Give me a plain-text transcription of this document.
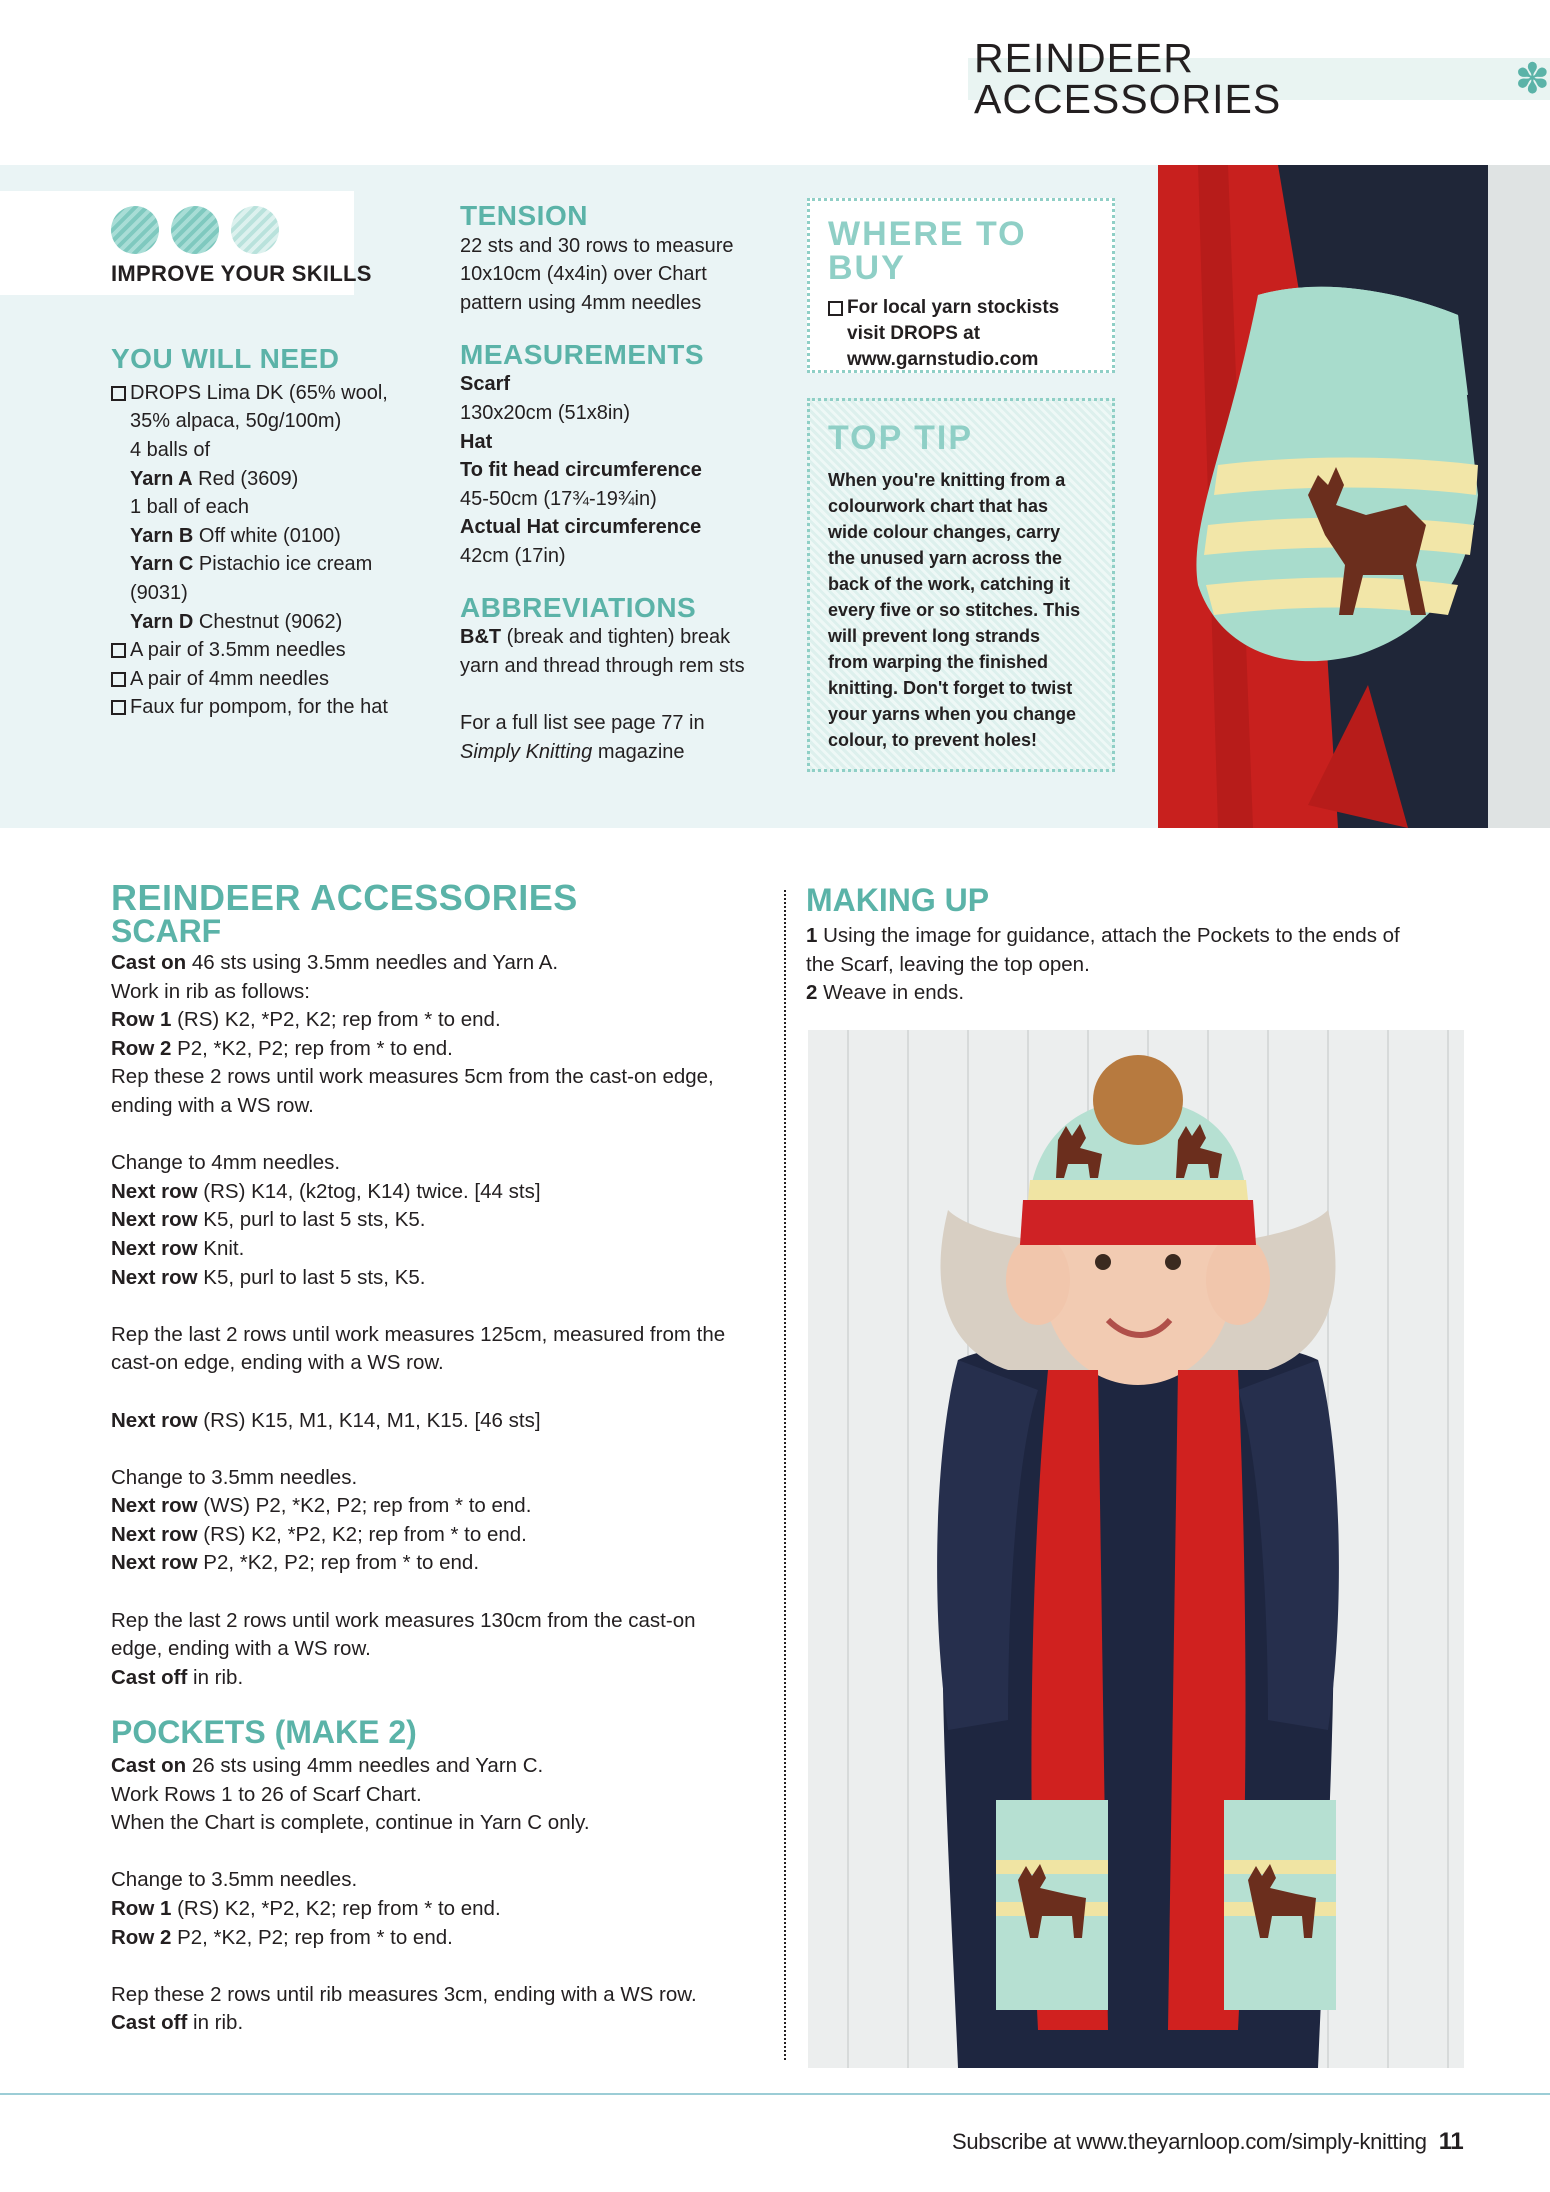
REINDEER ACCESSORIES	✽
IMPROVE YOUR SKILLS
YOU WILL NEED
DROPS Lima DK (65% wool,
35% alpaca, 50g/100m)
4 balls of
Yarn A Red (3609)
1 ball of each
Yarn B Off white (0100)
Yarn C Pistachio ice cream
(9031)
Yarn D Chestnut (9062)
A pair of 3.5mm needles
A pair of 4mm needles
Faux fur pompom, for the hat
TENSION
22 sts and 30 rows to measure
10x10cm (4x4in) over Chart
pattern using 4mm needles
MEASUREMENTS
Scarf
130x20cm (51x8in)
Hat
To fit head circumference
45-50cm (17¾-19¾in)
Actual Hat circumference
42cm (17in)
ABBREVIATIONS
B&T (break and tighten) break
yarn and thread through rem sts
For a full list see page 77 in
Simply Knitting magazine
WHERE TO BUY
For local yarn stockists
visit DROPS at
www.garnstudio.com
TOP TIP
When you're knitting from a
colourwork chart that has
wide colour changes, carry
the unused yarn across the
back of the work, catching it
every five or so stitches. This
will prevent long strands
from warping the finished
knitting. Don't forget to twist
your yarns when you change
colour, to prevent holes!
REINDEER ACCESSORIES
SCARF
Cast on 46 sts using 3.5mm needles and Yarn A.
Work in rib as follows:
Row 1 (RS) K2, *P2, K2; rep from * to end.
Row 2 P2, *K2, P2; rep from * to end.
Rep these 2 rows until work measures 5cm from the cast-on edge,
ending with a WS row.
Change to 4mm needles.
Next row (RS) K14, (k2tog, K14) twice. [44 sts]
Next row K5, purl to last 5 sts, K5.
Next row Knit.
Next row K5, purl to last 5 sts, K5.
Rep the last 2 rows until work measures 125cm, measured from the
cast-on edge, ending with a WS row.
Next row (RS) K15, M1, K14, M1, K15. [46 sts]
Change to 3.5mm needles.
Next row (WS) P2, *K2, P2; rep from * to end.
Next row (RS) K2, *P2, K2; rep from * to end.
Next row P2, *K2, P2; rep from * to end.
Rep the last 2 rows until work measures 130cm from the cast-on
edge, ending with a WS row.
Cast off in rib.
POCKETS (MAKE 2)
Cast on 26 sts using 4mm needles and Yarn C.
Work Rows 1 to 26 of Scarf Chart.
When the Chart is complete, continue in Yarn C only.
Change to 3.5mm needles.
Row 1 (RS) K2, *P2, K2; rep from * to end.
Row 2 P2, *K2, P2; rep from * to end.
Rep these 2 rows until rib measures 3cm, ending with a WS row.
Cast off in rib.
MAKING UP
1 Using the image for guidance, attach the Pockets to the ends of
the Scarf, leaving the top open.
2 Weave in ends.
Subscribe at www.theyarnloop.com/simply-knitting 11
